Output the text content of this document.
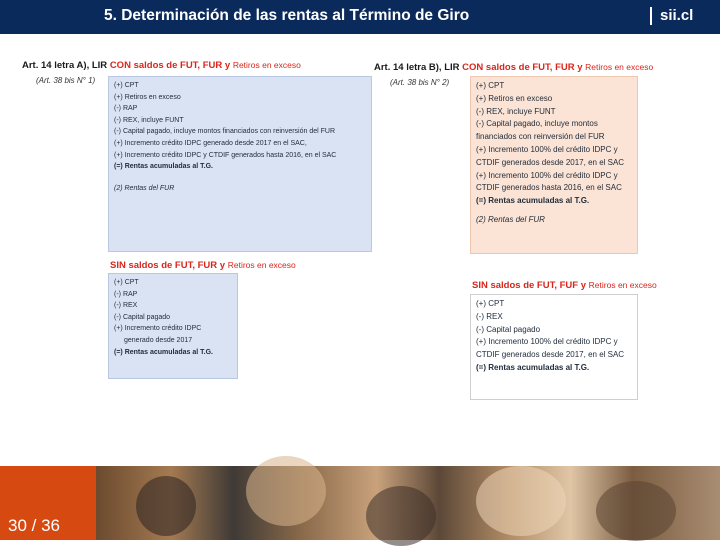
5. Determinación de las rentas al Término de Giro	sii.cl
Art. 14 letra A), LIR CON saldos de FUT, FUR y Retiros en exceso
(Art. 38 bis N° 1)
(+) CPT
(+) Retiros en exceso
(-) RAP
(-) REX, incluye FUNT
(-) Capital pagado, incluye montos financiados con reinversión del FUR
(+) Incremento crédito IDPC generado desde 2017 en el SAC,
(+) Incremento crédito IDPC y CTDIF generados hasta 2016, en el SAC
(=) Rentas acumuladas al T.G.
(2) Rentas del FUR
SIN saldos de FUT, FUR y Retiros en exceso
(+) CPT
(-) RAP
(-) REX
(-) Capital pagado
(+) Incremento crédito IDPC
generado desde 2017
(=) Rentas acumuladas al T.G.
Art. 14 letra B), LIR CON saldos de FUT, FUR y Retiros en exceso
(Art. 38 bis N° 2)	(+) CPT
(+) Retiros en exceso
(-) REX, incluye FUNT
(-) Capital pagado, incluye montos financiados con reinversión del FUR
(+) Incremento 100% del crédito IDPC y CTDIF generados desde 2017, en el SAC
(+) Incremento 100% del crédito IDPC y CTDIF generados hasta 2016, en el SAC
(=) Rentas acumuladas al T.G.
(2) Rentas del FUR
SIN saldos de FUT, FUF y Retiros en exceso
(+) CPT
(-) REX
(-) Capital pagado
(+) Incremento 100% del crédito IDPC y CTDIF generados desde 2017, en el SAC
(=) Rentas acumuladas al T.G.
30 / 36
